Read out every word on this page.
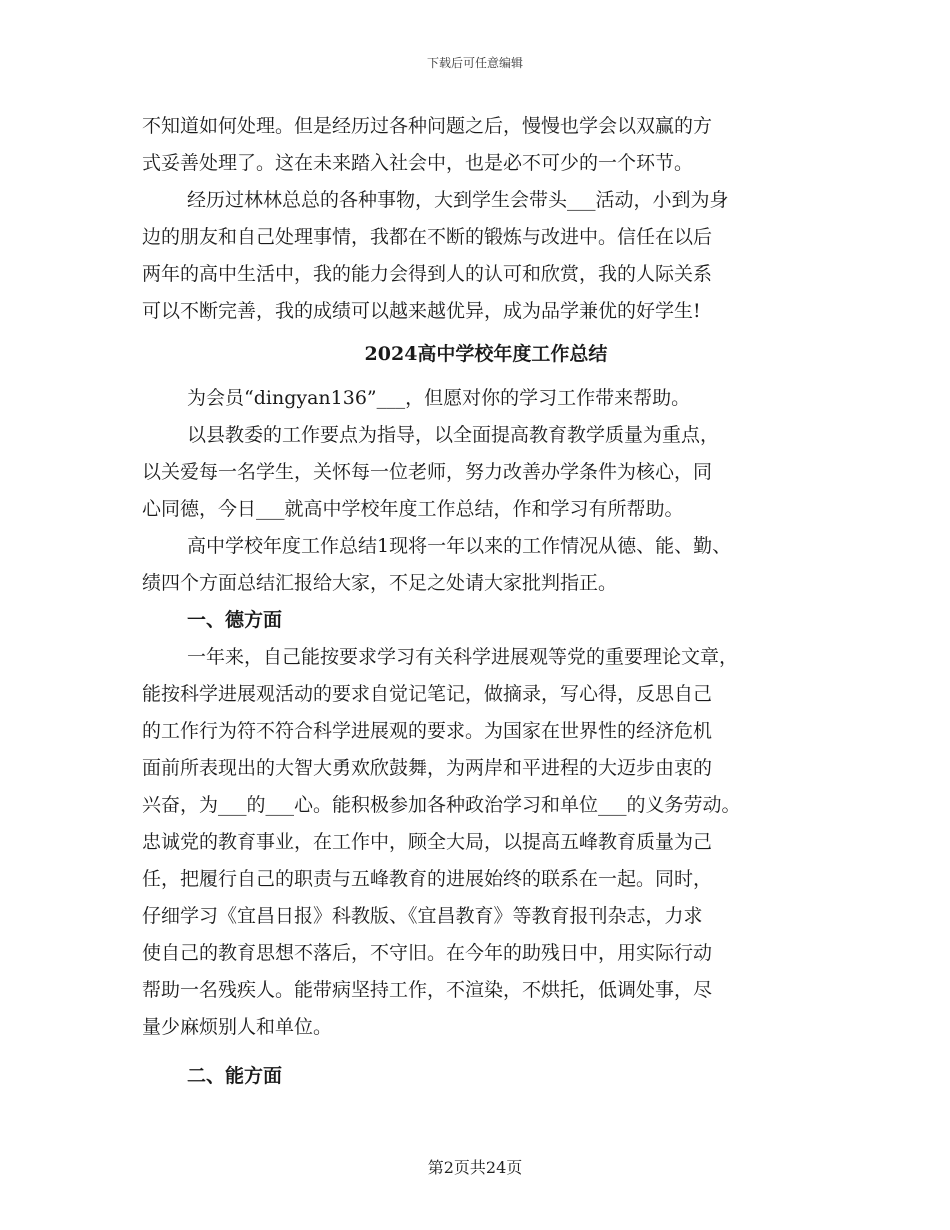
下载后可任意编辑

不知道如何处理。但是经历过各种问题之后，慢慢也学会以双赢的方
式妥善处理了。这在未来踏入社会中，也是必不可少的一个环节。

经历过林林总总的各种事物，大到学生会带头___活动，小到为身
边的朋友和自己处理事情，我都在不断的锻炼与改进中。信任在以后
两年的高中生活中，我的能力会得到人的认可和欣赏，我的人际关系
可以不断完善，我的成绩可以越来越优异，成为品学兼优的好学生!

2024高中学校年度工作总结

为会员“dingyan136”___，但愿对你的学习工作带来帮助。

以县教委的工作要点为指导，以全面提高教育教学质量为重点，
以关爱每一名学生，关怀每一位老师，努力改善办学条件为核心，同
心同德，今日___就高中学校年度工作总结，作和学习有所帮助。

高中学校年度工作总结1现将一年以来的工作情况从德、能、勤、
绩四个方面总结汇报给大家，不足之处请大家批判指正。

一、德方面

一年来，自己能按要求学习有关科学进展观等党的重要理论文章，
能按科学进展观活动的要求自觉记笔记，做摘录，写心得，反思自己
的工作行为符不符合科学进展观的要求。为国家在世界性的经济危机
面前所表现出的大智大勇欢欣鼓舞，为两岸和平进程的大迈步由衷的
兴奋，为___的___心。能积极参加各种政治学习和单位___的义务劳动。
忠诚党的教育事业，在工作中，顾全大局，以提高五峰教育质量为己
任，把履行自己的职责与五峰教育的进展始终的联系在一起。同时，
仔细学习《宜昌日报》科教版、《宜昌教育》等教育报刊杂志，力求
使自己的教育思想不落后，不守旧。在今年的助残日中，用实际行动
帮助一名残疾人。能带病坚持工作，不渲染，不烘托，低调处事，尽
量少麻烦别人和单位。

二、能方面

第2页共24页
